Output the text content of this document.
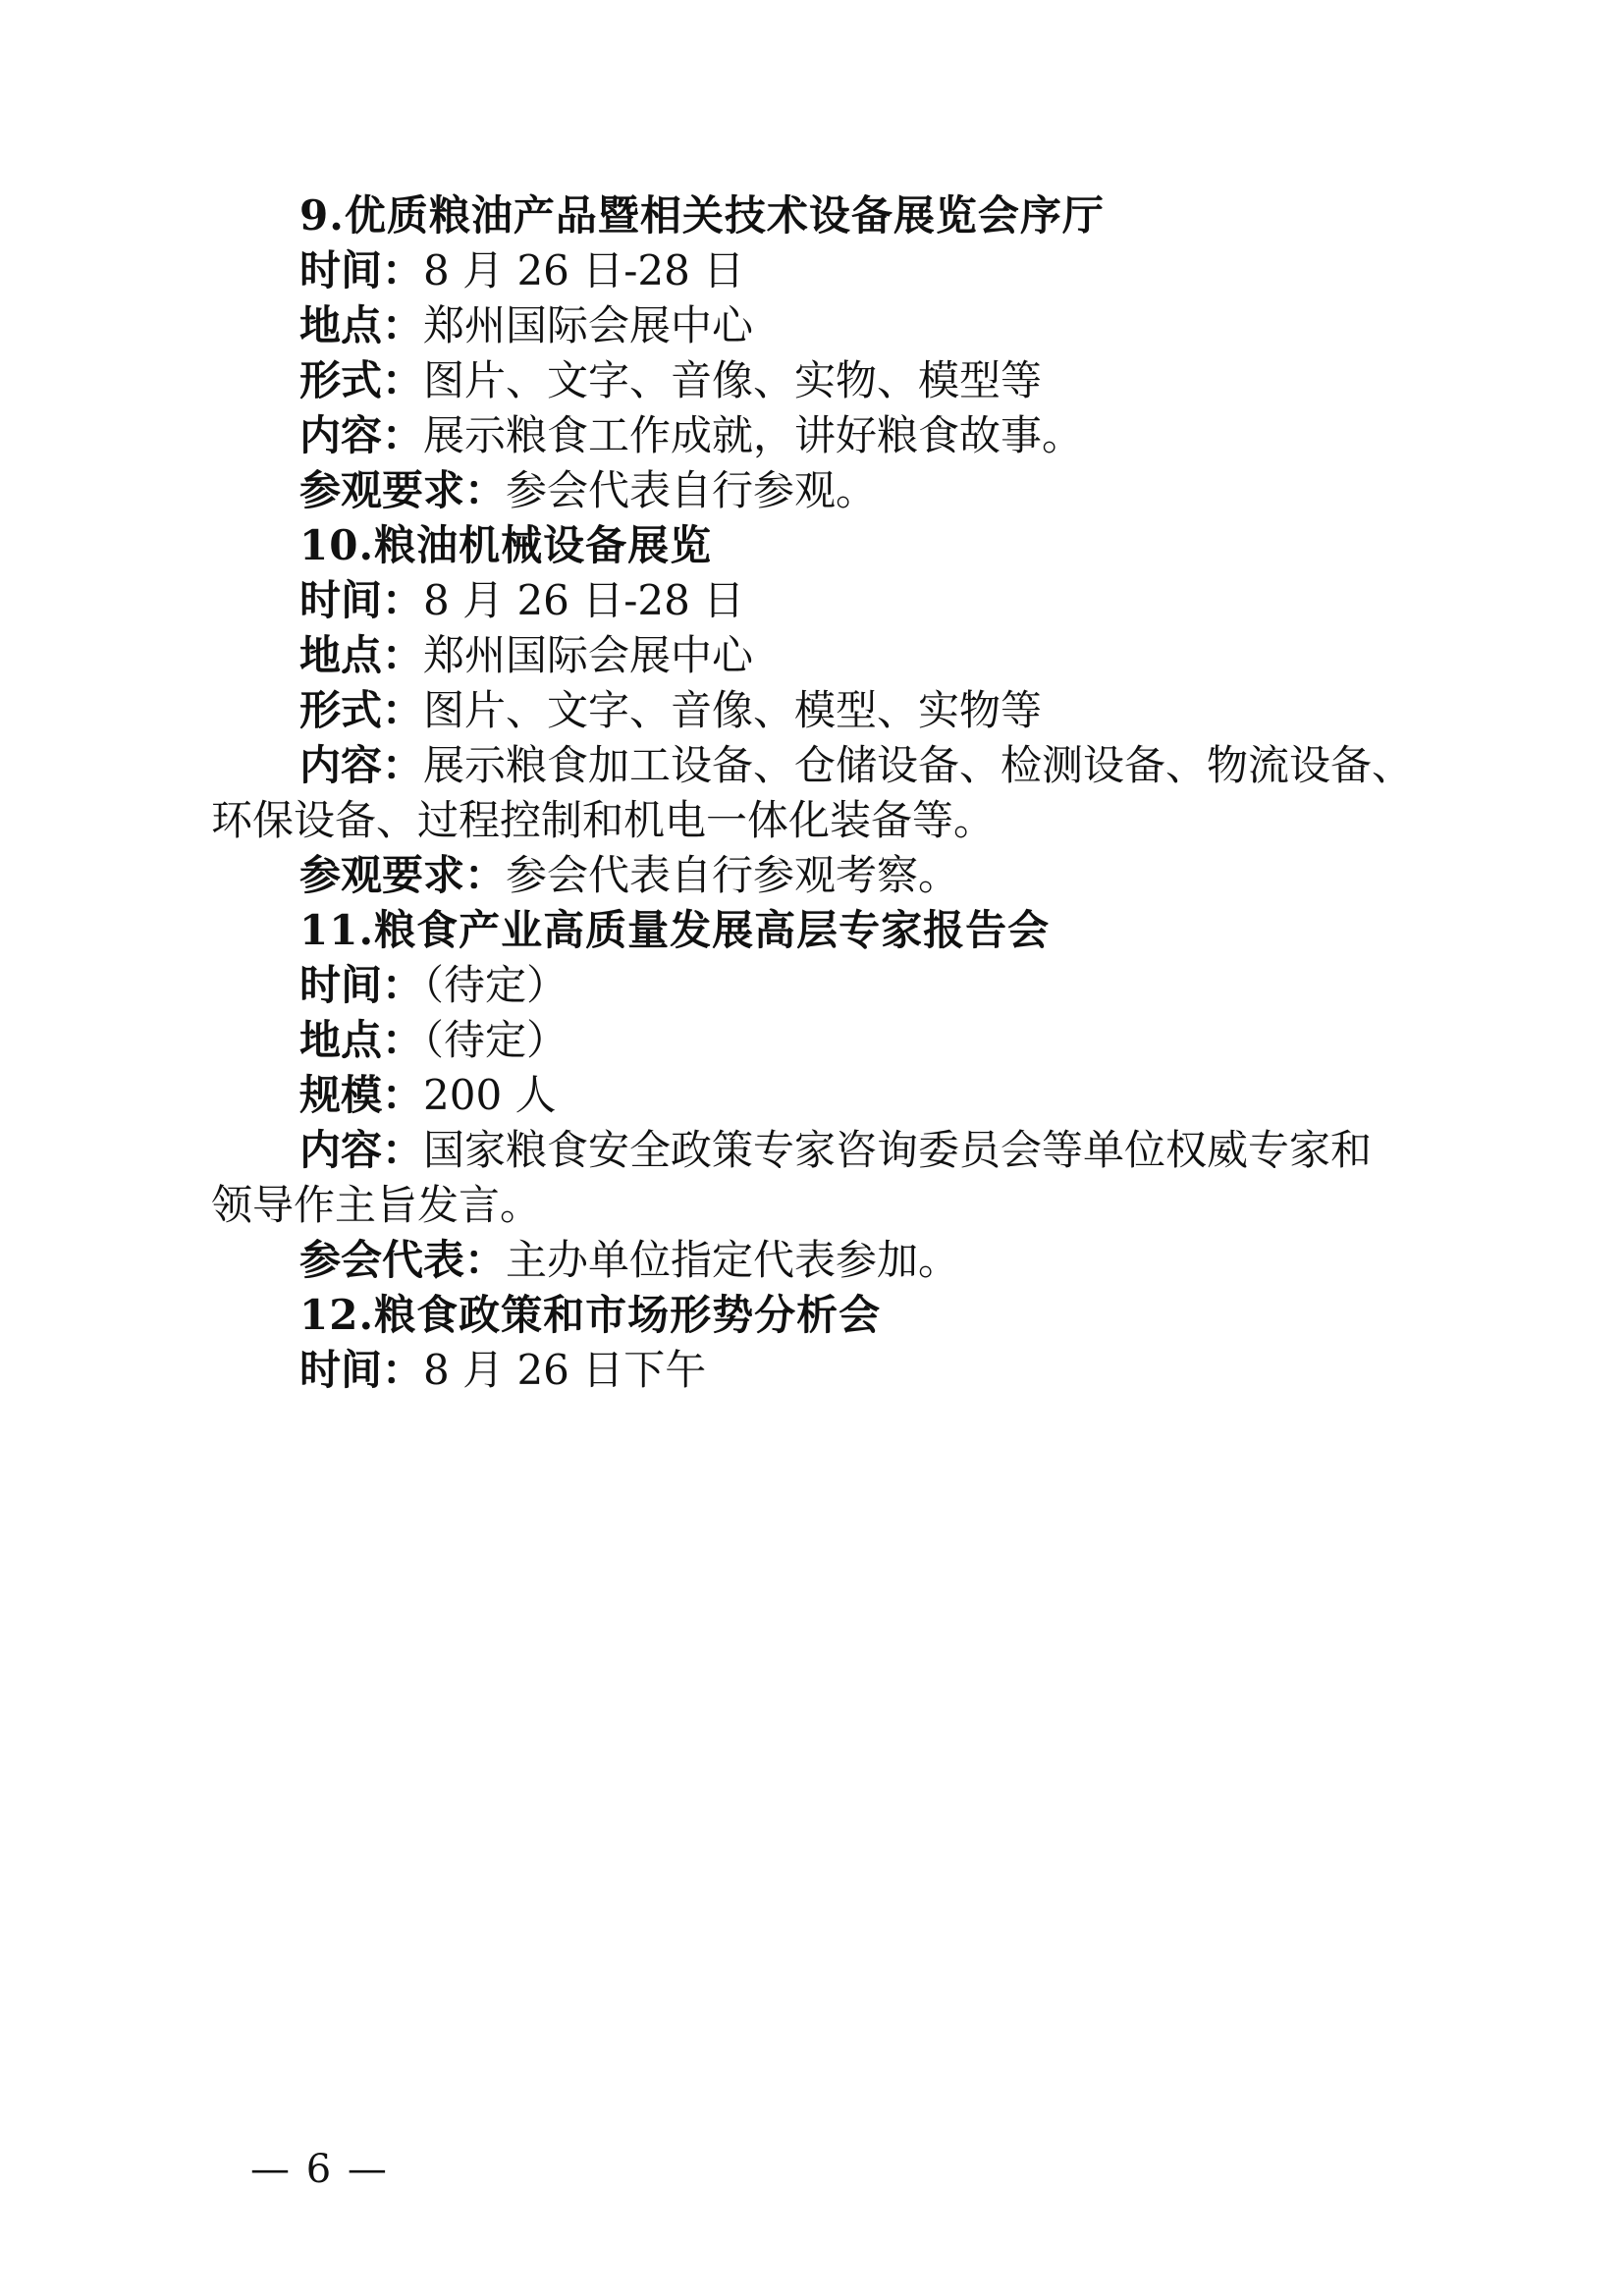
9.优质粮油产品暨相关技术设备展览会序厅
时间：8 月 26 日-28 日
地点：郑州国际会展中心
形式：图片、文字、音像、实物、模型等
内容：展示粮食工作成就，讲好粮食故事。
参观要求：参会代表自行参观。
10.粮油机械设备展览
时间：8 月 26 日-28 日
地点：郑州国际会展中心
形式：图片、文字、音像、模型、实物等
内容：展示粮食加工设备、仓储设备、检测设备、物流设备、
环保设备、过程控制和机电一体化装备等。
参观要求：参会代表自行参观考察。
11.粮食产业高质量发展高层专家报告会
时间：（待定）
地点：（待定）
规模：200 人
内容：国家粮食安全政策专家咨询委员会等单位权威专家和
领导作主旨发言。
参会代表：主办单位指定代表参加。
12.粮食政策和市场形势分析会
时间：8 月 26 日下午
— 6 —
